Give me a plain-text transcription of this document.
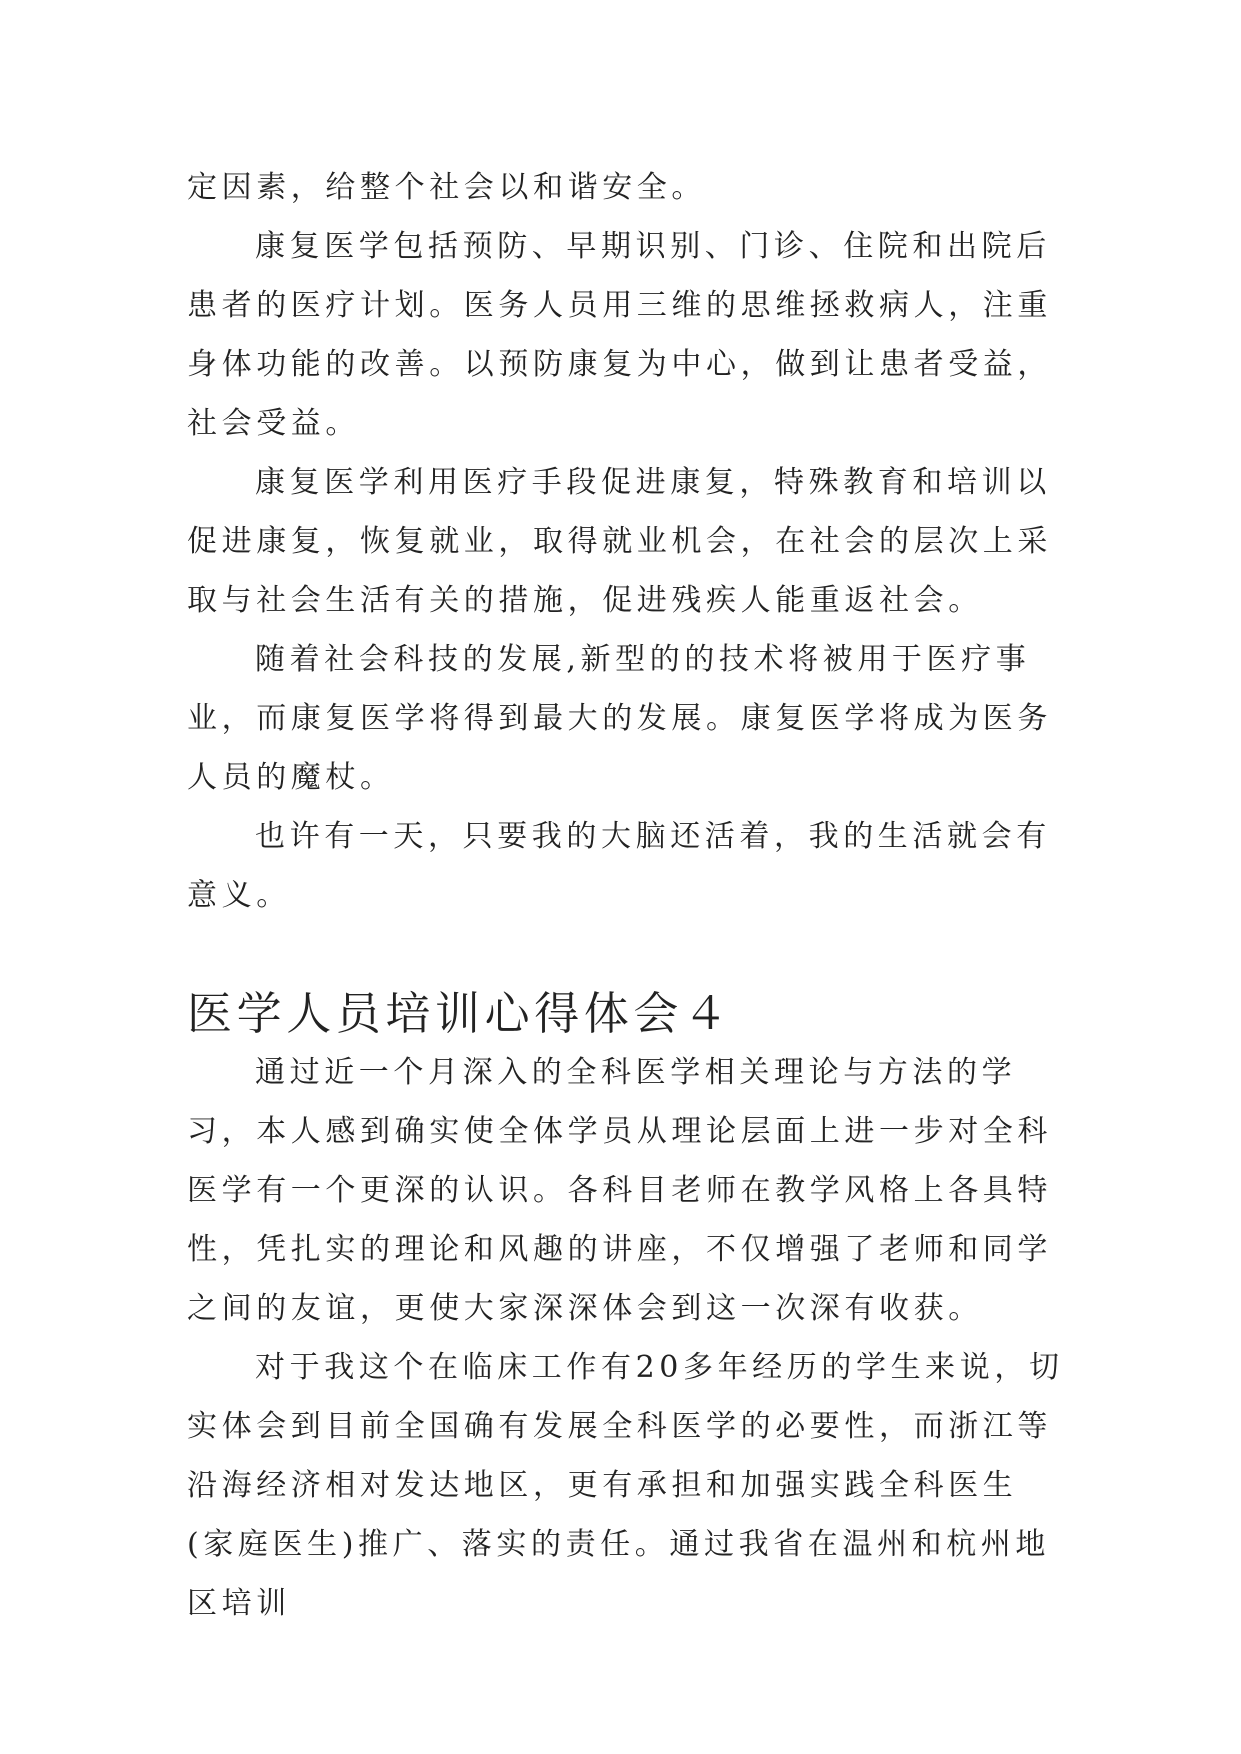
定因素，给整个社会以和谐安全。

康复医学包括预防、早期识别、门诊、住院和出院后患者的医疗计划。医务人员用三维的思维拯救病人，注重身体功能的改善。以预防康复为中心，做到让患者受益，社会受益。

康复医学利用医疗手段促进康复，特殊教育和培训以促进康复，恢复就业，取得就业机会，在社会的层次上采取与社会生活有关的措施，促进残疾人能重返社会。

随着社会科技的发展,新型的的技术将被用于医疗事业，而康复医学将得到最大的发展。康复医学将成为医务人员的魔杖。

也许有一天，只要我的大脑还活着，我的生活就会有意义。

医学人员培训心得体会４

通过近一个月深入的全科医学相关理论与方法的学习，本人感到确实使全体学员从理论层面上进一步对全科医学有一个更深的认识。各科目老师在教学风格上各具特性，凭扎实的理论和风趣的讲座，不仅增强了老师和同学之间的友谊，更使大家深深体会到这一次深有收获。

对于我这个在临床工作有20多年经历的学生来说，切实体会到目前全国确有发展全科医学的必要性，而浙江等沿海经济相对发达地区，更有承担和加强实践全科医生(家庭医生)推广、落实的责任。通过我省在温州和杭州地区培训
